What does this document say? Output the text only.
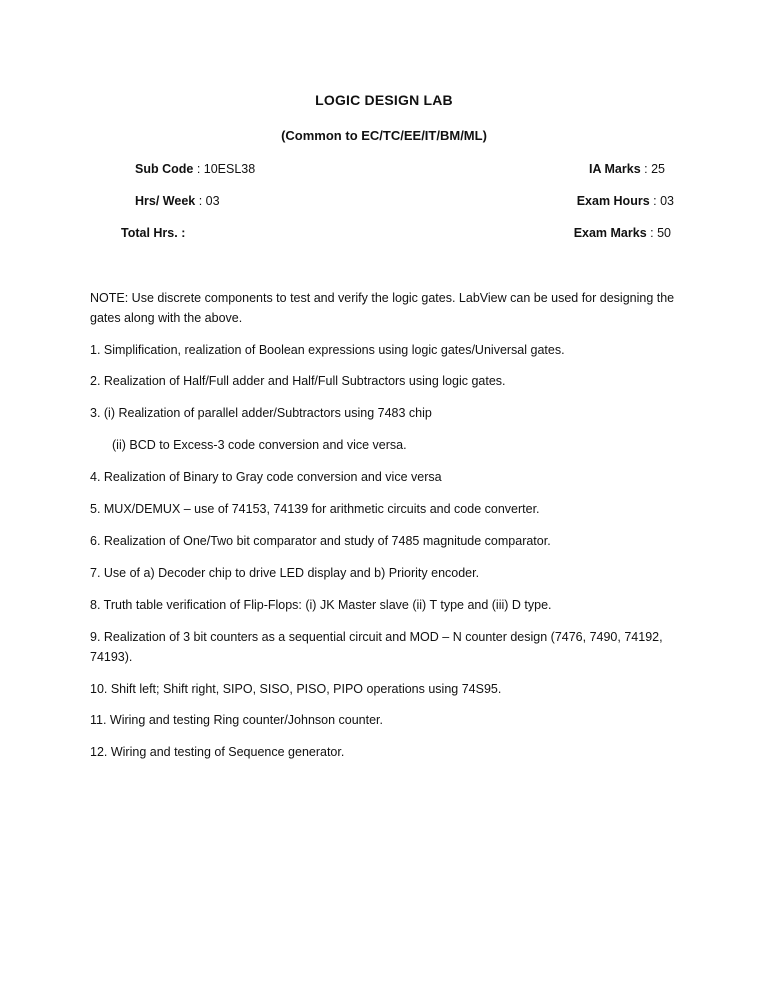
LOGIC DESIGN LAB
(Common to EC/TC/EE/IT/BM/ML)
Sub Code : 10ESL38
Hrs/ Week : 03
Total Hrs. :
IA Marks : 25
Exam Hours : 03
Exam Marks : 50
NOTE: Use discrete components to test and verify the logic gates. LabView can be used for designing the gates along with the above.
1. Simplification, realization of Boolean expressions using logic gates/Universal gates.
2. Realization of Half/Full adder and Half/Full Subtractors using logic gates.
3. (i) Realization of parallel adder/Subtractors using 7483 chip
(ii) BCD to Excess-3 code conversion and vice versa.
4. Realization of Binary to Gray code conversion and vice versa
5. MUX/DEMUX – use of 74153, 74139 for arithmetic circuits and code converter.
6. Realization of One/Two bit comparator and study of 7485 magnitude comparator.
7. Use of a) Decoder chip to drive LED display and b) Priority encoder.
8. Truth table verification of Flip-Flops: (i) JK Master slave (ii) T type and (iii) D type.
9. Realization of 3 bit counters as a sequential circuit and MOD – N counter design (7476, 7490, 74192, 74193).
10. Shift left; Shift right, SIPO, SISO, PISO, PIPO operations using 74S95.
11. Wiring and testing Ring counter/Johnson counter.
12. Wiring and testing of Sequence generator.
